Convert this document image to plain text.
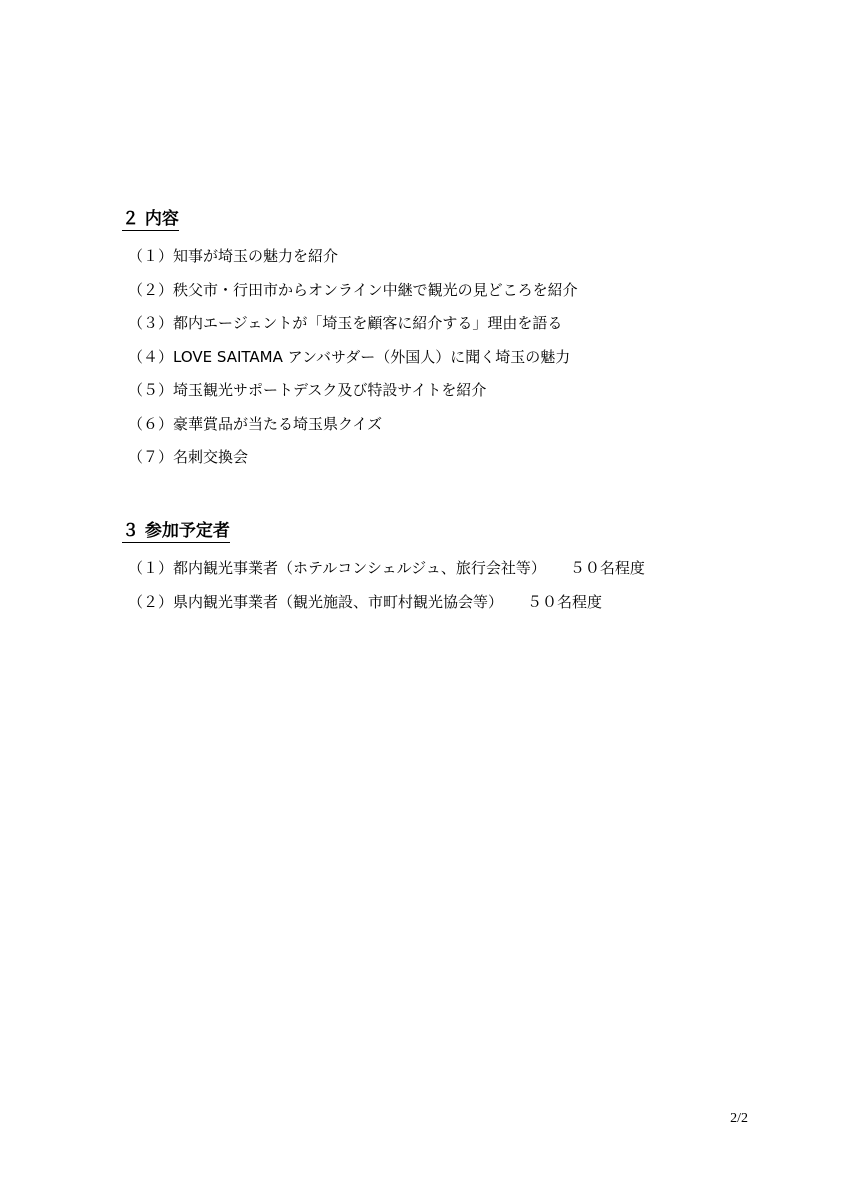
２ 内容
（１）知事が埼玉の魅力を紹介
（２）秩父市・行田市からオンライン中継で観光の見どころを紹介
（３）都内エージェントが「埼玉を顧客に紹介する」理由を語る
（４）LOVE SAITAMA アンバサダー（外国人）に聞く埼玉の魅力
（５）埼玉観光サポートデスク及び特設サイトを紹介
（６）豪華賞品が当たる埼玉県クイズ
（７）名刺交換会
３ 参加予定者
（１）都内観光事業者（ホテルコンシェルジュ、旅行会社等） ５０名程度
（２）県内観光事業者（観光施設、市町村観光協会等） ５０名程度
2/2
